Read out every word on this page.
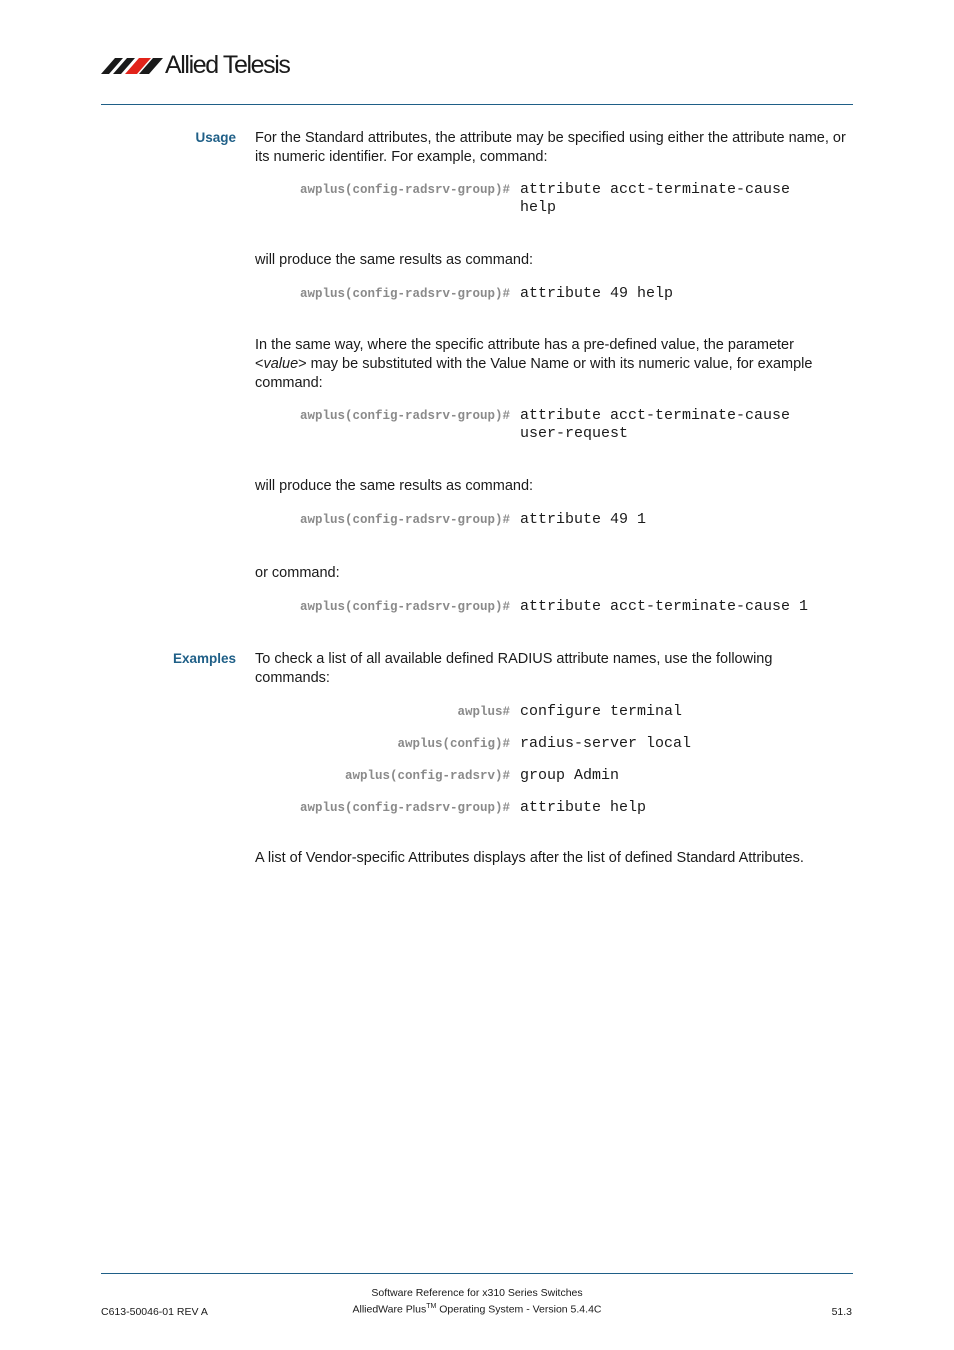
Allied Telesis
Usage For the Standard attributes, the attribute may be specified using either the attribute name, or its numeric identifier. For example, command:
awplus(config-radsrv-group)# attribute acct-terminate-cause
help
will produce the same results as command:
awplus(config-radsrv-group)# attribute 49 help
In the same way, where the specific attribute has a pre-defined value, the parameter
<value> may be substituted with the Value Name or with its numeric value, for example
command:
awplus(config-radsrv-group)# attribute acct-terminate-cause
user-request
will produce the same results as command:
awplus(config-radsrv-group)# attribute 49 1
or command:
awplus(config-radsrv-group)# attribute acct-terminate-cause 1
Examples To check a list of all available defined RADIUS attribute names, use the following commands:
awplus# configure terminal
awplus(config)# radius-server local
awplus(config-radsrv)# group Admin
awplus(config-radsrv-group)# attribute help
A list of Vendor-specific Attributes displays after the list of defined Standard Attributes.
Software Reference for x310 Series Switches
C613-50046-01 REV A	AlliedWare Plus™ Operating System - Version 5.4.4C	51.3
